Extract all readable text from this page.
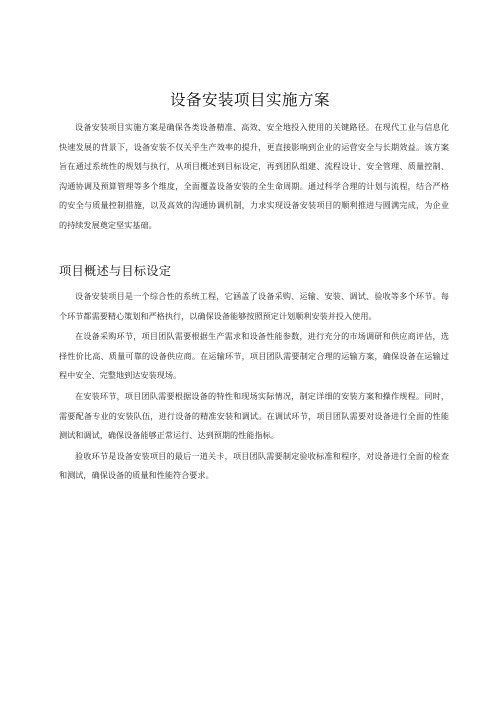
设备安装项目实施方案

设备安装项目实施方案是确保各类设备精准、高效、安全地投入使用的关键路径。在现代工业与信息化快速发展的背景下，设备安装不仅关乎生产效率的提升，更直接影响到企业的运营安全与长期效益。该方案旨在通过系统性的规划与执行，从项目概述到目标设定，再到团队组建、流程设计、安全管理、质量控制、沟通协调及预算管理等多个维度，全面覆盖设备安装的全生命周期。通过科学合理的计划与流程，结合严格的安全与质量控制措施，以及高效的沟通协调机制，力求实现设备安装项目的顺利推进与圆满完成，为企业的持续发展奠定坚实基础。

项目概述与目标设定

设备安装项目是一个综合性的系统工程，它涵盖了设备采购、运输、安装、调试、验收等多个环节。每个环节都需要精心策划和严格执行，以确保设备能够按照预定计划顺利安装并投入使用。

在设备采购环节，项目团队需要根据生产需求和设备性能参数，进行充分的市场调研和供应商评估，选择性价比高、质量可靠的设备供应商。在运输环节，项目团队需要制定合理的运输方案，确保设备在运输过程中安全、完整地到达安装现场。

在安装环节，项目团队需要根据设备的特性和现场实际情况，制定详细的安装方案和操作规程。同时，需要配备专业的安装队伍，进行设备的精准安装和调试。在调试环节，项目团队需要对设备进行全面的性能测试和调试，确保设备能够正常运行、达到预期的性能指标。

验收环节是设备安装项目的最后一道关卡，项目团队需要制定验收标准和程序，对设备进行全面的检查和测试，确保设备的质量和性能符合要求。
